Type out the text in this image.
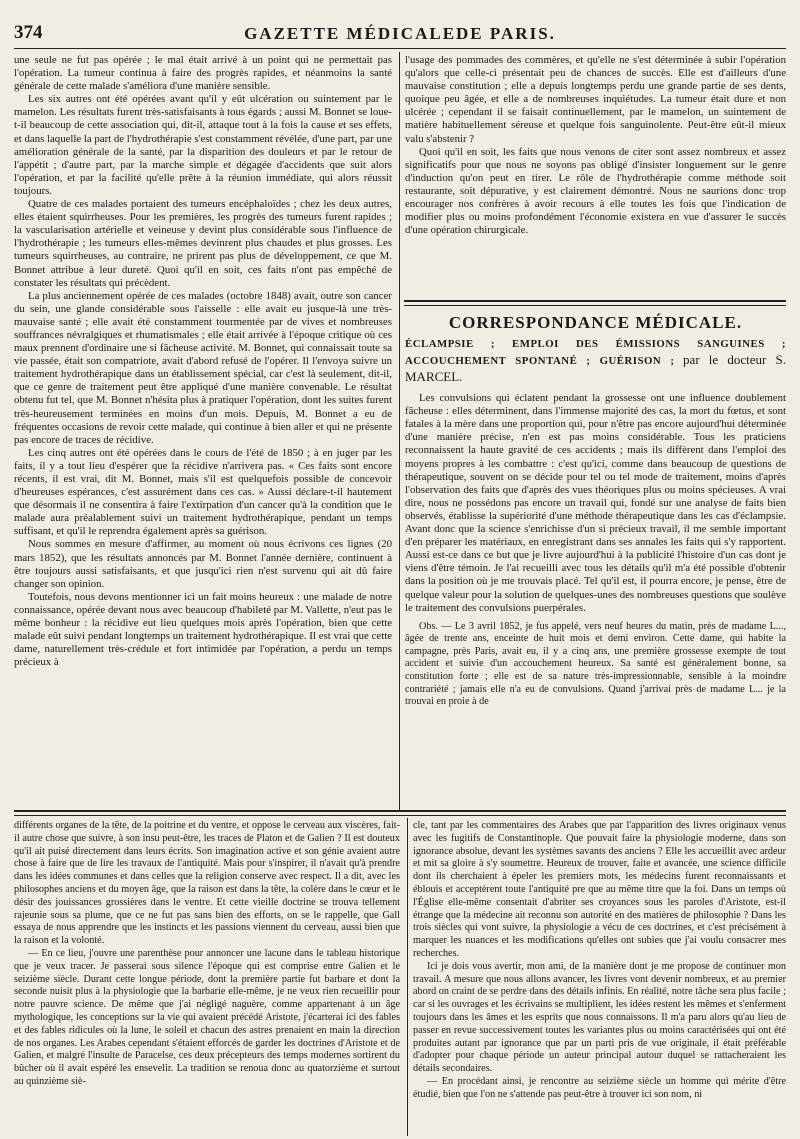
374	GAZETTE MÉDICALEDE PARIS.

une seule ne fut pas opérée ; le mal était arrivé à un point qui ne permettait pas l'opération. La tumeur continua à faire des progrès rapides, et néanmoins la santé générale de cette malade s'améliora d'une manière sensible.

Les six autres ont été opérées avant qu'il y eût ulcération ou suintement par le mamelon. Les résultats furent très-satisfaisants à tous égards ; aussi M. Bonnet se loue-t-il beaucoup de cette association qui, dit-il, attaque tout à la fois la cause et ses effets, et dans laquelle la part de l'hydrothérapie s'est constamment révélée, d'une part, par une amélioration générale de la santé, par la disparition des douleurs et par le retour de l'appétit ; d'autre part, par la marche simple et dégagée d'accidents que suit alors l'opération, et par la facilité qu'elle prête à la réunion immédiate, qui alors réussit toujours.

Quatre de ces malades portaient des tumeurs encéphaloïdes ; chez les deux autres, elles étaient squirrheuses. Pour les premières, les progrès des tumeurs furent rapides ; la vascularisation artérielle et veineuse y devint plus considérable sous l'influence de l'hydrothérapie ; les tumeurs elles-mêmes devinrent plus chaudes et plus grosses. Les tumeurs squirrheuses, au contraire, ne prirent pas plus de développement, ce que M. Bonnet attribue à leur dureté. Quoi qu'il en soit, ces faits n'ont pas empêché de constater les résultats qui précèdent.

La plus anciennement opérée de ces malades (octobre 1848) avait, outre son cancer du sein, une glande considérable sous l'aisselle : elle avait eu jusque-là une très-mauvaise santé ; elle avait été constamment tourmentée par de vives et nombreuses souffrances névralgiques et rhumatismales ; elle était arrivée à l'époque critique où ces maux prennent d'ordinaire une si fâcheuse activité. M. Bonnet, qui connaissait toute sa vie passée, était son compatriote, avait d'abord refusé de l'opérer. Il l'envoya suivre un traitement hydrothérapique dans un établissement spécial, car c'est là seulement, dit-il, que ce genre de traitement peut être appliqué d'une manière convenable. Le résultat obtenu fut tel, que M. Bonnet n'hésita plus à pratiquer l'opération, dont les suites furent très-heureusement terminées en moins d'un mois. Depuis, M. Bonnet a eu de fréquentes occasions de revoir cette malade, qui continue à bien aller et qui ne présente pas encore de traces de récidive.

Les cinq autres ont été opérées dans le cours de l'été de 1850 ; à en juger par les faits, il y a tout lieu d'espérer que la récidive n'arrivera pas. « Ces faits sont encore récents, il est vrai, dit M. Bonnet, mais s'il est quelquefois possible de concevoir d'heureuses espérances, c'est assurément dans ces cas. » Aussi déclare-t-il hautement que désormais il ne consentira à faire l'extirpation d'un cancer qu'à la condition que le malade aura préalablement suivi un traitement hydrothérapique, pendant un temps suffisant, et qu'il le reprendra également après sa guérison.

Nous sommes en mesure d'affirmer, au moment où nous écrivons ces lignes (20 mars 1852), que les résultats annoncés par M. Bonnet l'année dernière, continuent à être toujours aussi satisfaisants, et que jusqu'ici rien n'est survenu qui ait dû faire changer son opinion.

Toutefois, nous devons mentionner ici un fait moins heureux : une malade de notre connaissance, opérée devant nous avec beaucoup d'habileté par M. Vallette, n'eut pas le même bonheur : la récidive eut lieu quelques mois après l'opération, bien que cette malade eût suivi pendant longtemps un traitement hydrothérapique. Il est vrai que cette dame, naturellement très-crédule et fort intimidée par l'opération, a perdu un temps précieux à

l'usage des pommades des commères, et qu'elle ne s'est déterminée à subir l'opération qu'alors que celle-ci présentait peu de chances de succès. Elle est d'ailleurs d'une mauvaise constitution ; elle a depuis longtemps perdu une grande partie de ses dents, quoique peu âgée, et elle a de nombreuses inquiétudes. La tumeur était dure et non ulcérée ; cependant il se faisait continuellement, par le mamelon, un suintement de matière habituellement séreuse et quelque fois sanguinolente. Peut-être eût-il mieux valu s'abstenir ?

Quoi qu'il en soit, les faits que nous venons de citer sont assez nombreux et assez significatifs pour que nous ne soyons pas obligé d'insister longuement sur le genre d'induction qu'on peut en tirer. Le rôle de l'hydrothérapie comme méthode soit restaurante, soit dépurative, y est clairement démontré. Nous ne saurions donc trop encourager nos confrères à avoir recours à elle toutes les fois que l'indication de modifier plus ou moins profondément l'économie existera en vue d'assurer le succès d'une opération chirurgicale.

CORRESPONDANCE MÉDICALE.
ÉCLAMPSIE ; EMPLOI DES ÉMISSIONS SANGUINES ; ACCOUCHEMENT SPONTANÉ ; GUÉRISON ; par le docteur S. MARCEL.

Les convulsions qui éclatent pendant la grossesse ont une influence doublement fâcheuse : elles déterminent, dans l'immense majorité des cas, la mort du fœtus, et sont fatales à la mère dans une proportion qui, pour n'être pas encore aujourd'hui déterminée d'une manière précise, n'en est pas moins considérable. Tous les praticiens reconnaissent la haute gravité de ces accidents ; mais ils diffèrent dans l'emploi des moyens propres à les combattre : c'est qu'ici, comme dans beaucoup de questions de thérapeutique, souvent on se décide pour tel ou tel mode de traitement, moins d'après l'observation des faits que d'après des vues théoriques plus ou moins spécieuses. A vrai dire, nous ne possédons pas encore un travail qui, fondé sur une analyse de faits bien observés, établisse la supériorité d'une méthode thérapeutique dans les cas d'éclampsie. Avant donc que la science s'enrichisse d'un si précieux travail, il me semble important d'en préparer les matériaux, en enregistrant dans ses annales les faits qui s'y rapportent. Aussi est-ce dans ce but que je livre aujourd'hui à la publicité l'histoire d'un cas dont je viens d'être témoin. Je l'ai recueilli avec tous les détails qu'il m'a été possible d'obtenir dans la position où je me trouvais placé. Tel qu'il est, il pourra encore, je pense, être de quelque valeur pour la solution de quelques-unes des nombreuses questions que soulève le traitement des convulsions puerpérales.

Obs. — Le 3 avril 1852, je fus appelé, vers neuf heures du matin, près de madame L..., âgée de trente ans, enceinte de huit mois et demi environ. Cette dame, qui habite la campagne, près Paris, avait eu, il y a cinq ans, une première grossesse exempte de tout accident et suivie d'un accouchement heureux. Sa santé est généralement bonne, sa constitution forte ; elle est de sa nature très-impressionnable, sensible à la moindre contrariété ; jamais elle n'a eu de convulsions. Quand j'arrivai près de madame L... je la trouvai en proie à de

différents organes de la tête, de la poitrine et du ventre, et oppose le cerveau aux viscères, fait-il autre chose que suivre, à son insu peut-être, les traces de Platon et de Galien ? Il est douteux qu'il ait puisé directement dans leurs écrits. Son imagination active et son génie avaient autre chose à faire que de lire les travaux de l'antiquité. Mais pour s'inspirer, il n'avait qu'à prendre dans les idées communes et dans celles que la religion conserve avec respect. Il a dit, avec les philosophes anciens et du moyen âge, que la raison est dans la tête, la colère dans le cœur et le désir des jouissances grossières dans le ventre. Et cette vieille doctrine se trouva tellement rajeunie sous sa plume, que ce ne fut pas sans bien des efforts, on se le rappelle, que Gall essaya de nous apprendre que les instincts et les passions viennent du cerveau, aussi bien que la raison et la volonté.

— En ce lieu, j'ouvre une parenthèse pour annoncer une lacune dans le tableau historique que je veux tracer. Je passerai sous silence l'époque qui est comprise entre Galien et le seizième siècle. Durant cette longue période, dont la première partie fut barbare et dont la seconde nuisit plus à la physiologie que la barbarie elle-même, je ne veux rien recueillir pour notre pauvre science. De même que j'ai négligé naguère, comme appartenant à un âge mythologique, les conceptions sur la vie qui avaient précédé Aristote, j'écarterai ici des fables et des fables ridicules où la lune, le soleil et chacun des astres prenaient en main la direction de nos organes. Les Arabes cependant s'étaient efforcés de garder les doctrines d'Aristote et de Galien, et malgré l'insulte de Paracelse, ces deux précepteurs des temps modernes sortirent du bûcher où il avait espéré les ensevelir. La tradition se renoua donc au quatorzième et surtout au quinzième siè-

cle, tant par les commentaires des Arabes que par l'apparition des livres originaux venus avec les fugitifs de Constantinople. Que pouvait faire la physiologie moderne, dans son ignorance absolue, devant les systèmes savants des anciens ? Elle les accueillit avec ardeur et mit sa gloire à s'y soumettre. Heureux de trouver, faite et avancée, une science difficile dont ils cherchaient à épeler les premiers mots, les médecins furent reconnaissants et éblouis et acceptèrent toute l'antiquité pre que au même titre que la foi. Dans un temps où l'Église elle-même consentait d'abriter ses croyances sous les paroles d'Aristote, est-il étrange que la médecine ait reconnu son autorité en des matières de philosophie ? Dans les trois siècles qui vont suivre, la physiologie a vécu de ces doctrines, et c'est précisément à marquer les nuances et les modifications qu'elles ont subies que j'ai voulu consacrer mes recherches.

Ici je dois vous avertir, mon ami, de la manière dont je me propose de continuer mon travail. A mesure que nous allons avancer, les livres vont devenir nombreux, et au premier abord on craint de se perdre dans des détails infinis. En réalité, notre tâche sera plus facile ; car si les ouvrages et les écrivains se multiplient, les idées restent les mêmes et s'enferment toujours dans les âmes et les esprits que nous connaissons. Il m'a paru alors qu'au lieu de passer en revue successivement toutes les variantes plus ou moins caractérisées qui ont été produites autant par ignorance que par un parti pris de vue originale, il était préférable d'adopter pour chaque période un auteur principal autour duquel se rattacheraient les détails secondaires.

— En procédant ainsi, je rencontre au seizième siècle un homme qui mérite d'être étudié, bien que l'on ne s'attende pas peut-être à trouver ici son nom, ni
